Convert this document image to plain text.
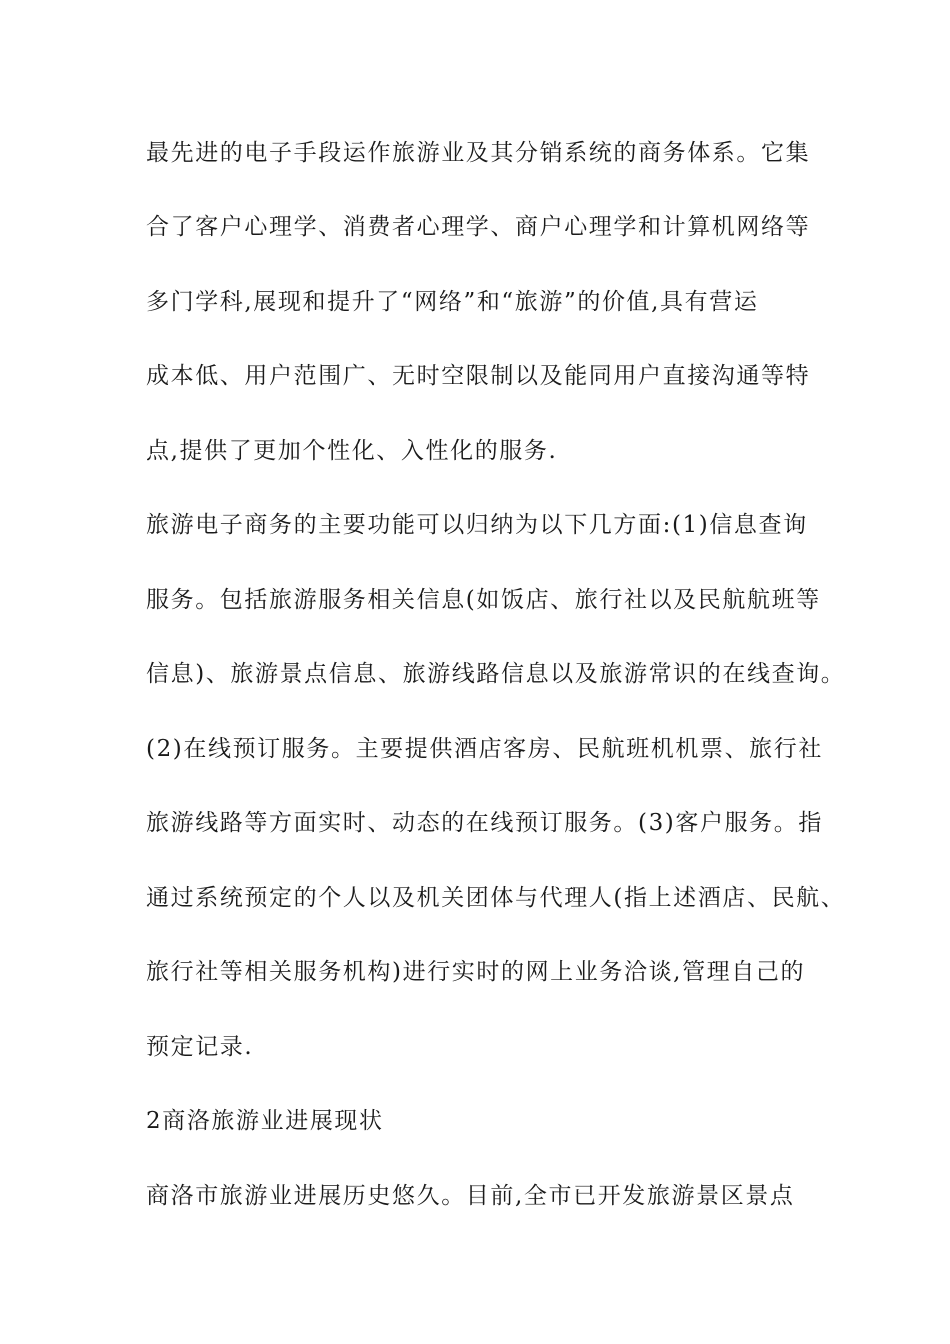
最先进的电子手段运作旅游业及其分销系统的商务体系。它集
合了客户心理学、消费者心理学、商户心理学和计算机网络等
多门学科,展现和提升了“网络”和“旅游”的价值,具有营运
成本低、用户范围广、无时空限制以及能同用户直接沟通等特
点,提供了更加个性化、入性化的服务.
旅游电子商务的主要功能可以归纳为以下几方面:(1)信息查询
服务。包括旅游服务相关信息(如饭店、旅行社以及民航航班等
信息)、旅游景点信息、旅游线路信息以及旅游常识的在线查询。
(2)在线预订服务。主要提供酒店客房、民航班机机票、旅行社
旅游线路等方面实时、动态的在线预订服务。(3)客户服务。指
通过系统预定的个人以及机关团体与代理人(指上述酒店、民航、
旅行社等相关服务机构)进行实时的网上业务洽谈,管理自己的
预定记录.
2商洛旅游业进展现状
商洛市旅游业进展历史悠久。目前,全市已开发旅游景区景点
